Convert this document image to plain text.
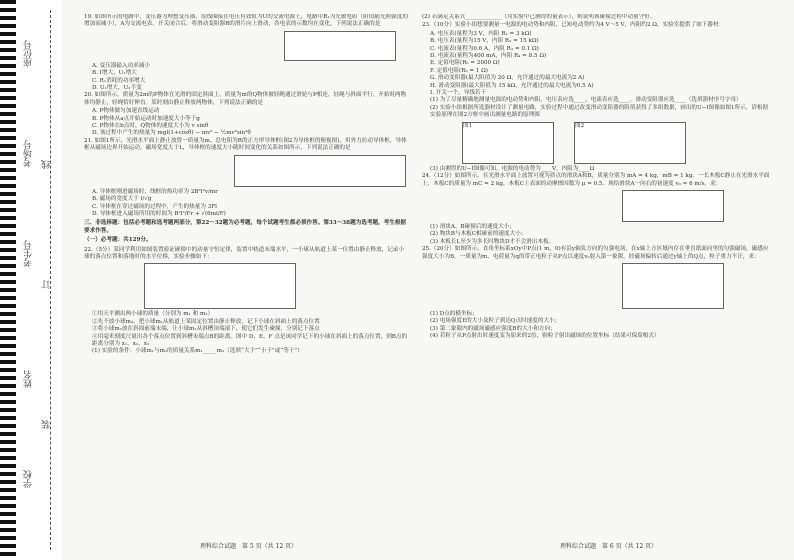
学校
姓名
考生号
考场号
座位号
装
订
线
19. 如图所示的电路中，变压器为理想变压器，原线圈接在电压有效值为U的交流电源上，电路中R₁为光敏电阻（阻值随光照强度的增加而减小），A为交流电表，开关闭合后，将滑动变阻器R的滑片向上滑动，各电表的示数均在变化，下列说法正确的是
A. 变压器输入功率减小
B. I增大，U₁增大
C. R₁消耗的功率增大
D. U₁增大，U₂不变
20. 如图所示，质量为2m的P物体在光滑的固定斜面上，质量为m的Q物体被轻绳通过滑轮与P相连，轻绳与斜面平行，开始时两物体均静止，轻绳恰好伸直。某时刻由静止释放两物体，下列说法正确的是
A. P物体做匀加速直线运动
B. P物体从a点开始运动时加速度大小等于g
C. P物体在b点时，Q物体的速度大小为 v sinθ
D. 该过程中产生的热量为 mgl(1+cosθ) − mv² − ½mv²sin²θ
21. 如图1所示，光滑水平面上静止放置一质量为m、总电阻为R的正方形导体框(图2为导体框的俯视图)，用外力拉动导体框，导体框从磁场边界开始运动，磁场宽度大于L，导体框的速度大小随时间变化的关系如图所示，下列说法正确的是
A. 导体框刚进磁场时，线框的热功率为 2B²l²v/mr
B. 磁场的宽度大于 l/√g
C. 导体框在穿过磁场的过程中，产生的热量为 3Fl
D. 导体框进入磁场所用的时间为 B²l³/Fr + √(6ml/F)
三、非选择题：包括必考题和选考题两部分，第22～32题为必考题，每个试题考生都必须作答。第33～38题为选考题，考生根据要求作答。
（一）必考题：共129分。
22.（5分）某同学利用如图装置验证碰撞中的动量守恒定律，装置中轨道末端水平，一小球从轨道上某一位置由静止释放，记录小球的落点位置和落地时的水平位移，实验步骤如下：
①用天平测出两小球的质量（分别为 m₁ 和 m₂）
②先不放小球m₂，把小球m₁从轨道上某固定位置由静止释放，记下小球在斜面上的落点位置
③将小球m₂放在斜面前端末端，让小球m₁从斜槽顶端滚下，使它们发生碰撞，分别记下落点
④用毫米刻度尺量出各个落点位置到斜槽末端点B的距离。图中 D、E、F 点是该同学记下的小球在斜面上的落点位置，到B点的距离分别为 x₁、x₂、x₃
(1) 实验的条件：小球m₁与m₂的质量关系m₁_____m₂（选填“大于”“小于”或“等于”）
理科综合试题　第 5 页（共 12 页）
(2) 若满足关系式_____________（用实验中已测得的量表示），则说明该碰撞过程中动量守恒。
23.（10分）实验小组想要测量一电源的电动势和内阻，已知电动势约为4 V～5 V，内阻约2 Ω，实验室提供了如下器材：
A. 电压表(量程为3 V，内阻 R₁ = 3 kΩ)
B. 电压表(量程为15 V，内阻 R₂ = 15 kΩ)
C. 电流表(量程为0.6 A，内阻 R₃ = 0.1 Ω)
D. 电流表(量程为400 mA，内阻 R₄ = 8.5 Ω)
E. 定值电阻(R₅ = 2000 Ω)
F. 定值电阻(R₆ = 1 Ω)
G. 滑动变阻器(最大阻值为 20 Ω，允许通过的最大电流为2 A)
H. 滑动变阻器(最大阻值为 15 kΩ，允许通过的最大电流为0.5 A)
I. 开关一个，导线若干
(1) 为了尽量精确地测量电源的电动势和内阻，电压表应选____，电流表应选____，滑动变阻器应选____（选填器材序号字母）
(2) 实验小组根据所选器材设计了测量电路，实验过程中通过改变滑动变阻器的阻值获得了多组数据，画出的U−I图像如图1所示，请根据实验原理在图2方框中画出测量电路的原理图
图1	图2
(3) 由测得的U−I图像可知，电源的电动势为____V，内阻为____Ω
24.（12分）如图所示，在光滑水平面上放置可视为质点的滑块A和B，质量分别为 mA = 4 kg，mB = 1 kg。一长木板C静止在光滑水平面上，木板C的质量为 mC = 2 kg，木板C上表面的动摩擦因数为 μ = 0.5。现给滑块A一向右的初速度 v₀ = 6 m/s，求：
(1) 滑块A、B碰撞后的速度大小；
(2) 物块B与木板C相碰前的速度大小；
(3) 木板长L至少为多长时物块D才不会滑出木板。
25.（20分）如图所示，直角坐标系xOy中P点(1 m，0)有沿y轴负方向的匀强电场，在x轴上方区域内存在垂直纸面向里的匀强磁场，磁感应强度大小为B，一质量为m、电荷量为q的带正电粒子从P点以速度v₀射入第一象限，经磁场偏转后通过y轴上的Q点，粒子重力不计，求：
(1) D点的横坐标；
(2) 电场强度E的大小及粒子到达Q点时速度的大小；
(3) 第二象限内的磁场磁感应强度B的大小和方向；
(4) 若粒子从P点射出时速度变为原来的2倍，则粒子射出磁场的位置坐标（结果可保留根式）
理科综合试题　第 6 页（共 12 页）
